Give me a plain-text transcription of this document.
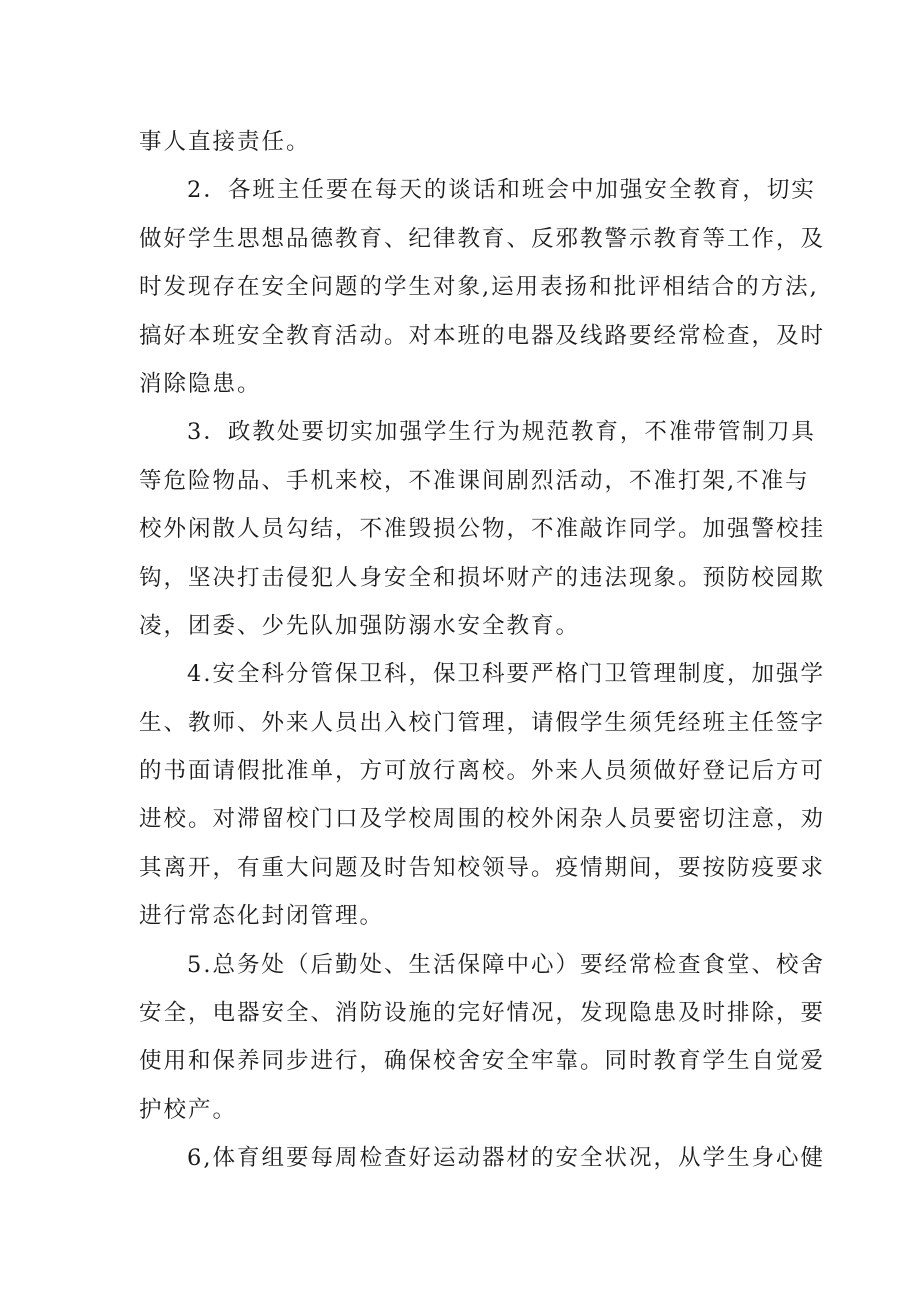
事人直接责任。
2．各班主任要在每天的谈话和班会中加强安全教育，切实
做好学生思想品德教育、纪律教育、反邪教警示教育等工作，及
时发现存在安全问题的学生对象,运用表扬和批评相结合的方法,
搞好本班安全教育活动。对本班的电器及线路要经常检查，及时
消除隐患。
3．政教处要切实加强学生行为规范教育，不准带管制刀具
等危险物品、手机来校，不准课间剧烈活动，不准打架,不准与
校外闲散人员勾结，不准毁损公物，不准敲诈同学。加强警校挂
钩，坚决打击侵犯人身安全和损坏财产的违法现象。预防校园欺
凌，团委、少先队加强防溺水安全教育。
4.安全科分管保卫科，保卫科要严格门卫管理制度，加强学
生、教师、外来人员出入校门管理，请假学生须凭经班主任签字
的书面请假批准单，方可放行离校。外来人员须做好登记后方可
进校。对滞留校门口及学校周围的校外闲杂人员要密切注意，劝
其离开，有重大问题及时告知校领导。疫情期间，要按防疫要求
进行常态化封闭管理。
5.总务处（后勤处、生活保障中心）要经常检查食堂、校舍
安全，电器安全、消防设施的完好情况，发现隐患及时排除，要
使用和保养同步进行，确保校舍安全牢靠。同时教育学生自觉爱
护校产。
6,体育组要每周检查好运动器材的安全状况，从学生身心健
